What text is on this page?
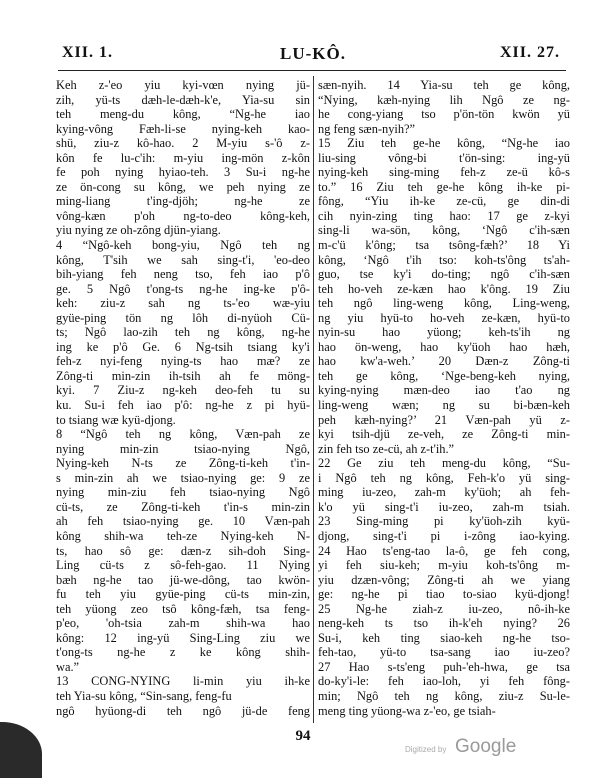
XII. 1.	LU-KÔ.	XII. 27.
Keh z-'eo yiu kyi-vœn nying jü-
zih, yü-ts dæh-le-dæh-k'e, Yia-su sin
teh meng-du kông, “Ng-he iao
kying-vông Fæh-li-se nying-keh kao-
shü, ziu-z kô-hao. 2 M-yiu s-'ô z-
kôn fe lu-c'ih: m-yiu ing-mön z-kôn
fe poh nying hyiao-teh. 3 Su-i ng-he
ze ön-cong su kông, we peh nying ze
ming-liang t'ing-djöh; ng-he ze
vông-kæn p'oh ng-to-deo kông-keh,
yiu nying ze oh-zông djün-yiang.
4 “Ngô-keh bong-yiu, Ngô teh ng
kông, T'sih we sah sing-t'i, 'eo-deo
bih-yiang feh neng tso, feh iao p'ô
ge. 5 Ngô t'ong-ts ng-he ing-ke p'ô-
keh: ziu-z sah ng ts-'eo wæ-yiu
gyüe-ping tön ng lôh di-nyüoh Cü-
ts; Ngô lao-zih teh ng kông, ng-he
ing ke p'ô Ge. 6 Ng-tsih tsiang ky'i
feh-z nyi-feng nying-ts hao mæ? ze
Zông-ti min-zin ih-tsih ah fe möng-
kyi. 7 Ziu-z ng-keh deo-feh tu su
ku. Su-i feh iao p'ô: ng-he z pi hyü-
to tsiang wæ kyü-djong.
8 “Ngô teh ng kông, Væn-pah ze
nying min-zin tsiao-nying Ngô,
Nying-keh N-ts ze Zông-ti-keh t'in-
s min-zin ah we tsiao-nying ge: 9 ze
nying min-ziu feh tsiao-nying Ngô
cü-ts, ze Zông-ti-keh t'in-s min-zin
ah feh tsiao-nying ge. 10 Væn-pah
kông shih-wa teh-ze Nying-keh N-
ts, hao sô ge: dæn-z sih-doh Sing-
Ling cü-ts z sô-feh-gao. 11 Nying
bæh ng-he tao jü-we-dông, tao kwön-
fu teh yiu gyüe-ping cü-ts min-zin,
teh yüong zeo tsô kông-fæh, tsa feng-
p'eo, 'oh-tsia zah-m shih-wa hao
kông: 12 ing-yü Sing-Ling ziu we
t'ong-ts ng-he z ke kông shih-
wa.”
13 CONG-NYING li-min yiu ih-ke
teh Yia-su kông, “Sin-sang, feng-fu
ngô hyüong-di teh ngô jü-de feng
sæn-nyih. 14 Yia-su teh ge kông,
“Nying, kæh-nying lih Ngô ze ng-
he cong-yiang tso p'ön-tön kwön yü
ng feng sæn-nyih?”
15 Ziu teh ge-he kông, “Ng-he iao
liu-sing vông-bi t'ön-sing: ing-yü
nying-keh sing-ming feh-z ze-ü kô-s
to.” 16 Ziu teh ge-he kông ih-ke pi-
fông, “Yiu ih-ke ze-cü, ge din-di
cih nyin-zing ting hao: 17 ge z-kyi
sing-li wa-sön, kông, ‘Ngô c'ih-sæn
m-c'ü k'ông; tsa tsông-fæh?’ 18 Yi
kông, ‘Ngô t'ih tso: koh-ts'ông ts'ah-
guo, tse ky'i do-ting; ngô c'ih-sæn
teh ho-veh ze-kæn hao k'ông. 19 Ziu
teh ngô ling-weng kông, Ling-weng,
ng yiu hyü-to ho-veh ze-kæn, hyü-to
nyin-su hao yüong; keh-ts'ih ng
hao ön-weng, hao ky'üoh hao hæh,
hao kw'a-weh.’ 20 Dæn-z Zông-ti
teh ge kông, ‘Nge-beng-keh nying,
kying-nying mæn-deo iao t'ao ng
ling-weng wæn; ng su bi-bæn-keh
peh kæh-nying?’ 21 Væn-pah yü z-
kyi tsih-djü ze-veh, ze Zông-ti min-
zin feh tso ze-cü, ah z-t'ih.”
22 Ge ziu teh meng-du kông, “Su-
i Ngô teh ng kông, Feh-k'o yü sing-
ming iu-zeo, zah-m ky'üoh; ah feh-
k'o yü sing-t'i iu-zeo, zah-m tsiah.
23 Sing-ming pi ky'üoh-zih kyü-
djong, sing-t'i pi i-zông iao-kying.
24 Hao ts'eng-tao la-ô, ge feh cong,
yi feh siu-keh; m-yiu koh-ts'ông m-
yiu dzæn-vông; Zông-ti ah we yiang
ge: ng-he pi tiao to-siao kyü-djong!
25 Ng-he ziah-z iu-zeo, nô-ih-ke
neng-keh ts tso ih-k'eh nying? 26
Su-i, keh ting siao-keh ng-he tso-
feh-tao, yü-to tsa-sang iao iu-zeo?
27 Hao s-ts'eng puh-'eh-hwa, ge tsa
do-ky'i-le: feh iao-loh, yi feh fông-
min; Ngô teh ng kông, ziu-z Su-le-
meng ting yüong-wa z-'eo, ge tsiah-
94
Digitized by Google
